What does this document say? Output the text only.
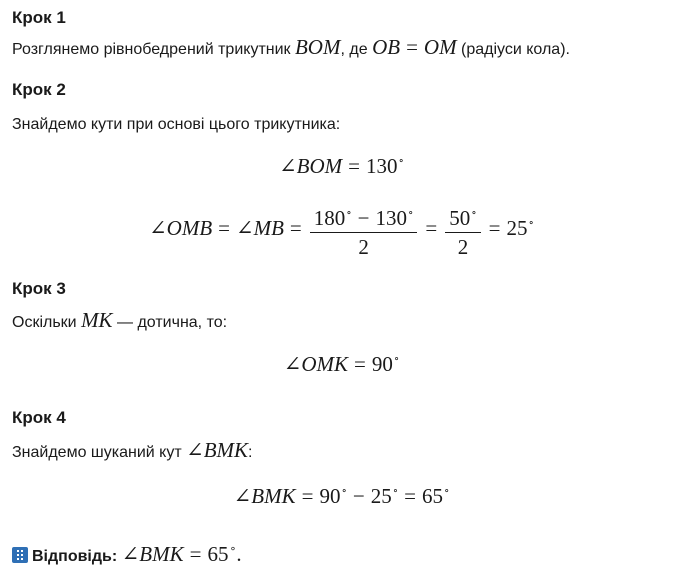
Крок 1

Розглянемо рівнобедрений трикутник BOM, де OB = OM (радіуси кола).

Крок 2

Знайдемо кути при основі цього трикутника:

∠BOM = 130∘
∠OMB = ∠MB = $\frac{180^\circ - 130^\circ}{2} = \frac{50^\circ}{2} = 25^\circ$
Крок 3

Оскільки MK — дотична, то:

∠OMK = 90∘
Крок 4

Знайдемо шуканий кут ∠BMK:

∠BMK = 90∘ − 25∘ = 65∘

Відповідь: ∠BMK = 65∘.
